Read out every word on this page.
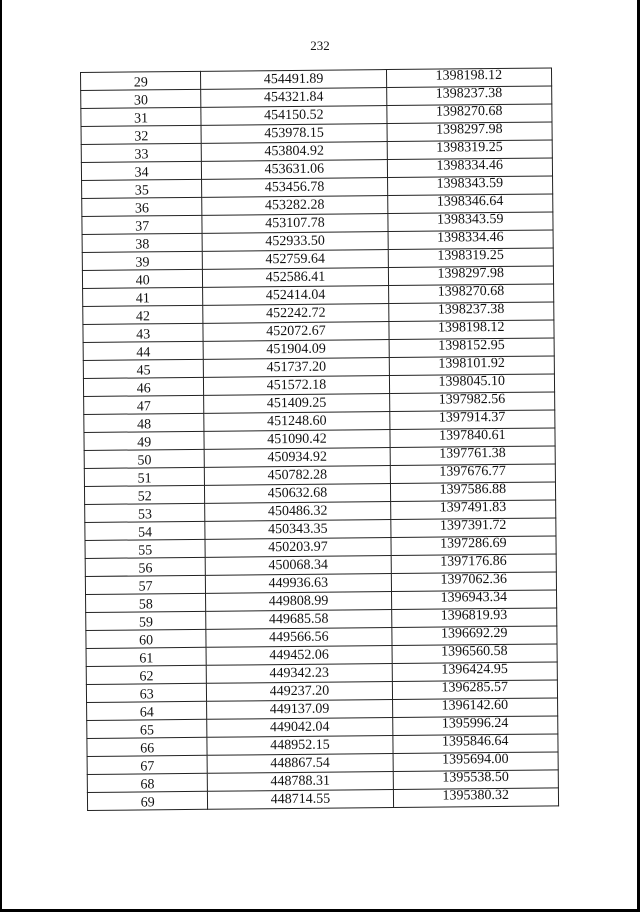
232
29	454491.89	1398198.12
30	454321.84	1398237.38
31	454150.52	1398270.68
32	453978.15	1398297.98
33	453804.92	1398319.25
34	453631.06	1398334.46
35	453456.78	1398343.59
36	453282.28	1398346.64
37	453107.78	1398343.59
38	452933.50	1398334.46
39	452759.64	1398319.25
40	452586.41	1398297.98
41	452414.04	1398270.68
42	452242.72	1398237.38
43	452072.67	1398198.12
44	451904.09	1398152.95
45	451737.20	1398101.92
46	451572.18	1398045.10
47	451409.25	1397982.56
48	451248.60	1397914.37
49	451090.42	1397840.61
50	450934.92	1397761.38
51	450782.28	1397676.77
52	450632.68	1397586.88
53	450486.32	1397491.83
54	450343.35	1397391.72
55	450203.97	1397286.69
56	450068.34	1397176.86
57	449936.63	1397062.36
58	449808.99	1396943.34
59	449685.58	1396819.93
60	449566.56	1396692.29
61	449452.06	1396560.58
62	449342.23	1396424.95
63	449237.20	1396285.57
64	449137.09	1396142.60
65	449042.04	1395996.24
66	448952.15	1395846.64
67	448867.54	1395694.00
68	448788.31	1395538.50
69	448714.55	1395380.32
